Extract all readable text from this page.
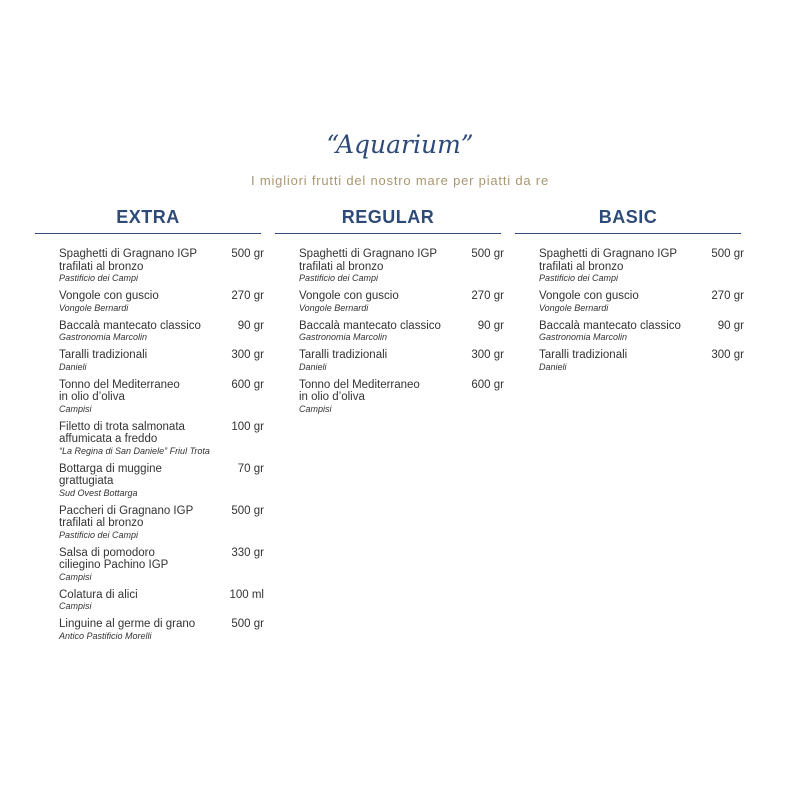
“Aquarium”
I migliori frutti del nostro mare per piatti da re
EXTRA
Spaghetti di Gragnano IGP
trafilati al bronzo
Pastificio dei Campi
500 gr
Vongole con guscio
Vongole Bernardi
270 gr
Baccalà mantecato classico
Gastronomia Marcolin
90 gr
Taralli tradizionali
Danieli
300 gr
Tonno del Mediterraneo
in olio d’oliva
Campisi
600 gr
Filetto di trota salmonata
affumicata a freddo
“La Regina di San Daniele” Friul Trota
100 gr
Bottarga di muggine grattugiata
Sud Ovest Bottarga
70 gr
Paccheri di Gragnano IGP
trafilati al bronzo
Pastificio dei Campi
500 gr
Salsa di pomodoro
ciliegino Pachino IGP
Campisi
330 gr
Colatura di alici
Campisi
100 ml
Linguine al germe di grano
Antico Pastificio Morelli
500 gr
REGULAR
Spaghetti di Gragnano IGP
trafilati al bronzo
Pastificio dei Campi
500 gr
Vongole con guscio
Vongole Bernardi
270 gr
Baccalà mantecato classico
Gastronomia Marcolin
90 gr
Taralli tradizionali
Danieli
300 gr
Tonno del Mediterraneo
in olio d’oliva
Campisi
600 gr
BASIC
Spaghetti di Gragnano IGP
trafilati al bronzo
Pastificio dei Campi
500 gr
Vongole con guscio
Vongole Bernardi
270 gr
Baccalà mantecato classico
Gastronomia Marcolin
90 gr
Taralli tradizionali
Danieli
300 gr
